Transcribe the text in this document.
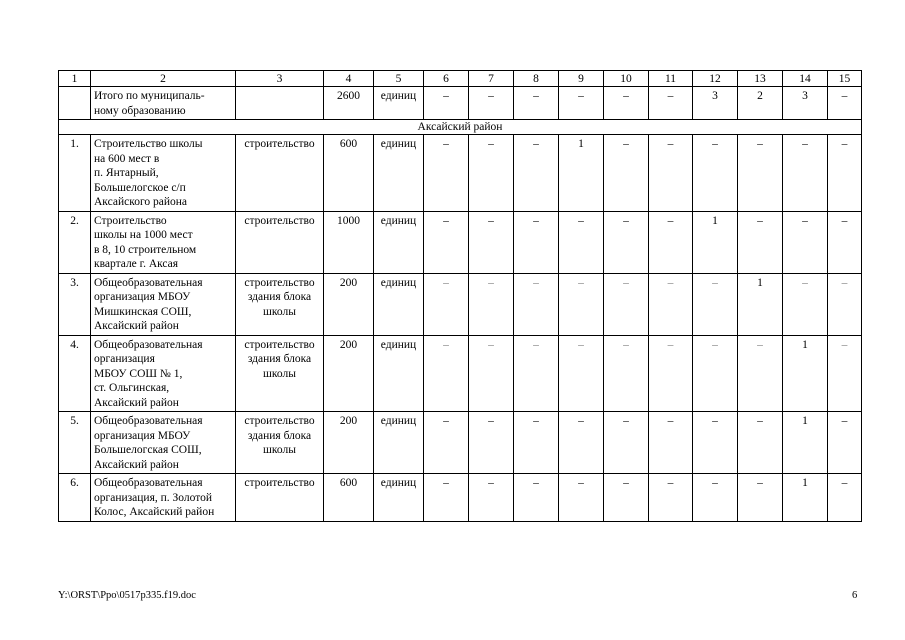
1	2	3	4	5	6	7	8	9	10	11	12	13	14	15
	Итого по муниципаль-
ному образованию		2600	единиц	–	–	–	–	–	–	3	2	3	–
Аксайский район														
1.	Строительство школы
на 600 мест в
п. Янтарный,
Большелогское с/п
Аксайского района	строительство	600	единиц	–	–	–	1	–	–	–	–	–	–
2.	Строительство
школы на 1000 мест
в 8, 10 строительном
квартале г. Аксая	строительство	1000	единиц	–	–	–	–	–	–	1	–	–	–
3.	Общеобразовательная
организация МБОУ
Мишкинская СОШ,
Аксайский район	строительство
здания блока
школы	200	единиц	–	–	–	–	–	–	–	1	–	–
4.	Общеобразовательная
организация
МБОУ СОШ № 1,
ст. Ольгинская,
Аксайский район	строительство
здания блока
школы	200	единиц	–	–	–	–	–	–	–	–	1	–
5.	Общеобразовательная
организация МБОУ
Большелогская СОШ,
Аксайский район	строительство
здания блока
школы	200	единиц	–	–	–	–	–	–	–	–	1	–
6.	Общеобразовательная
организация, п. Золотой
Колос, Аксайский район	строительство	600	единиц	–	–	–	–	–	–	–	–	1	–
Y:\ORST\Ppo\0517p335.f19.doc	6
